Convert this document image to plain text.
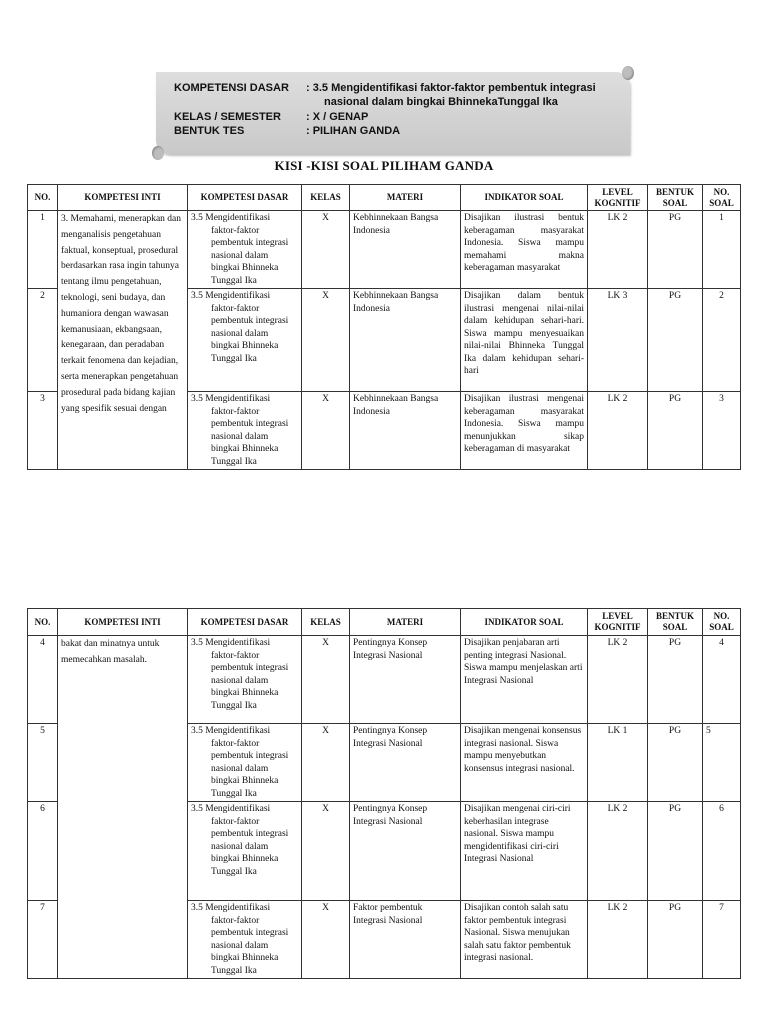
KOMPETENSI DASAR : 3.5 Mengidentifikasi faktor-faktor pembentuk integrasi
nasional dalam bingkai BhinnekaTunggal Ika
KELAS / SEMESTER : X / GENAP
BENTUK TES	: PILIHAN GANDA
KISI -KISI SOAL PILIHAM GANDA
NO.	KOMPETESI INTI	KOMPETESI DASAR	KELAS	MATERI	INDIKATOR SOAL	LEVEL KOGNITIF	BENTUK SOAL	NO. SOAL
1	3. Memahami, menerapkan dan menganalisis pengetahuan faktual, konseptual, prosedural berdasarkan rasa ingin tahunya tentang ilmu pengetahuan, teknologi, seni budaya, dan humaniora dengan wawasan kemanusiaan, ekbangsaan, kenegaraan, dan peradaban terkait fenomena dan kejadian, serta menerapkan pengetahuan prosedural pada bidang kajian yang spesifik sesuai dengan	3.5 Mengidentifikasi
faktor-faktor pembentuk integrasi nasional dalam bingkai Bhinneka Tunggal Ika	X	Kebhinnekaan Bangsa Indonesia	Disajikan ilustrasi bentuk keberagaman masyarakat Indonesia. Siswa mampu memahami makna keberagaman masyarakat	LK 2	PG	1
2		3.5 Mengidentifikasi
faktor-faktor pembentuk integrasi nasional dalam bingkai Bhinneka Tunggal Ika	X	Kebhinnekaan Bangsa Indonesia	Disajikan dalam bentuk ilustrasi mengenai nilai-nilai dalam kehidupan sehari-hari. Siswa mampu menyesuaikan nilai-nilai Bhinneka Tunggal Ika dalam kehidupan sehari-hari	LK 3	PG	2
3		3.5 Mengidentifikasi
faktor-faktor pembentuk integrasi nasional dalam bingkai Bhinneka Tunggal Ika	X	Kebhinnekaan Bangsa Indonesia	Disajikan ilustrasi mengenai keberagaman masyarakat Indonesia. Siswa mampu menunjukkan sikap keberagaman di masyarakat	LK 2	PG	3
NO.	KOMPETESI INTI	KOMPETESI DASAR	KELAS	MATERI	INDIKATOR SOAL	LEVEL KOGNITIF	BENTUK SOAL	NO. SOAL
4	bakat dan minatnya untuk memecahkan masalah.	3.5 Mengidentifikasi
faktor-faktor pembentuk integrasi nasional dalam bingkai Bhinneka Tunggal Ika	X	Pentingnya Konsep Integrasi Nasional	Disajikan penjabaran arti penting integrasi Nasional. Siswa mampu menjelaskan arti Integrasi Nasional	LK 2	PG	4
5		3.5 Mengidentifikasi
faktor-faktor pembentuk integrasi nasional dalam bingkai Bhinneka Tunggal Ika	X	Pentingnya Konsep Integrasi Nasional	Disajikan mengenai konsensus integrasi nasional. Siswa mampu menyebutkan konsensus integrasi nasional.	LK 1	PG	5
6		3.5 Mengidentifikasi
faktor-faktor pembentuk integrasi nasional dalam bingkai Bhinneka Tunggal Ika	X	Pentingnya Konsep Integrasi Nasional	Disajikan mengenai ciri-ciri keberhasilan integrase nasional. Siswa mampu mengidentifikasi ciri-ciri Integrasi Nasional	LK 2	PG	6
7		3.5 Mengidentifikasi
faktor-faktor pembentuk integrasi nasional dalam bingkai Bhinneka Tunggal Ika	X	Faktor pembentuk Integrasi Nasional	Disajikan contoh salah satu faktor pembentuk integrasi Nasional. Siswa menujukan salah satu faktor pembentuk integrasi nasional.	LK 2	PG	7
